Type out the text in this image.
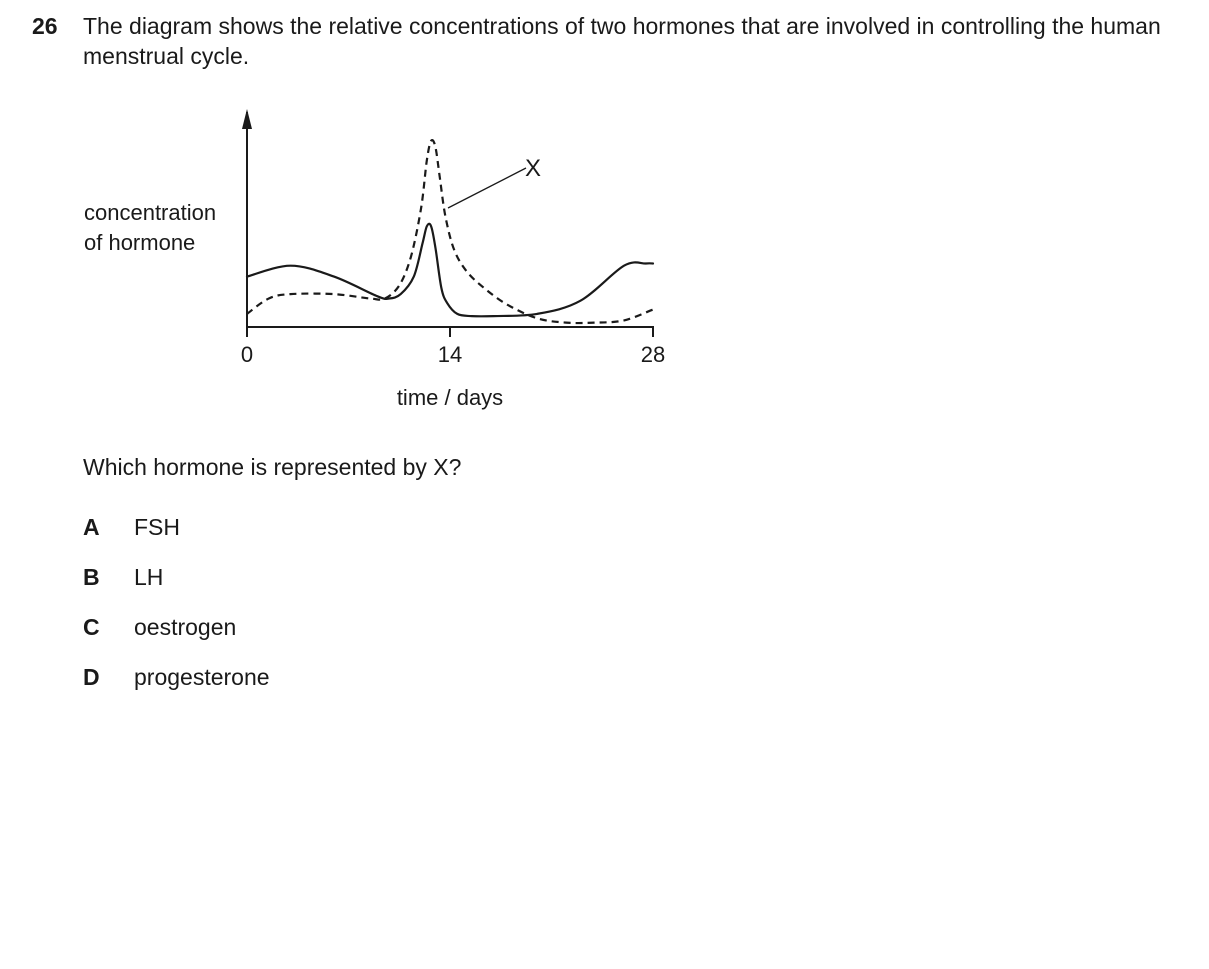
26 The diagram shows the relative concentrations of two hormones that are involved in controlling the human menstrual cycle.
concentration
of hormone
0	14	28
time / days
X
Which hormone is represented by X?
A FSH
B LH
C oestrogen
D progesterone
